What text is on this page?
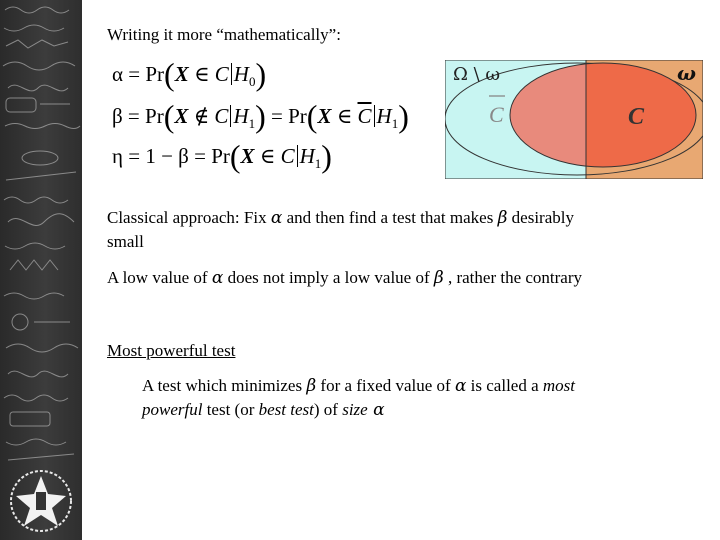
Writing it more “mathematically”:
α = Pr(X ∈ C $H_0$)
β = Pr(X ∉ C $H_1) = Pr(X$ ∈ $\overline{C}$ $H_1$)
η = 1 − β = Pr(X ∈ C $H_1$)
Ω \ ω	ω
C	C
Classical approach: Fix α and then find a test that makes β desirably
small
A low value of α does not imply a low value of β , rather the contrary
Most powerful test
A test which minimizes β for a fixed value of α is called a most
powerful test (or best test) of size α
